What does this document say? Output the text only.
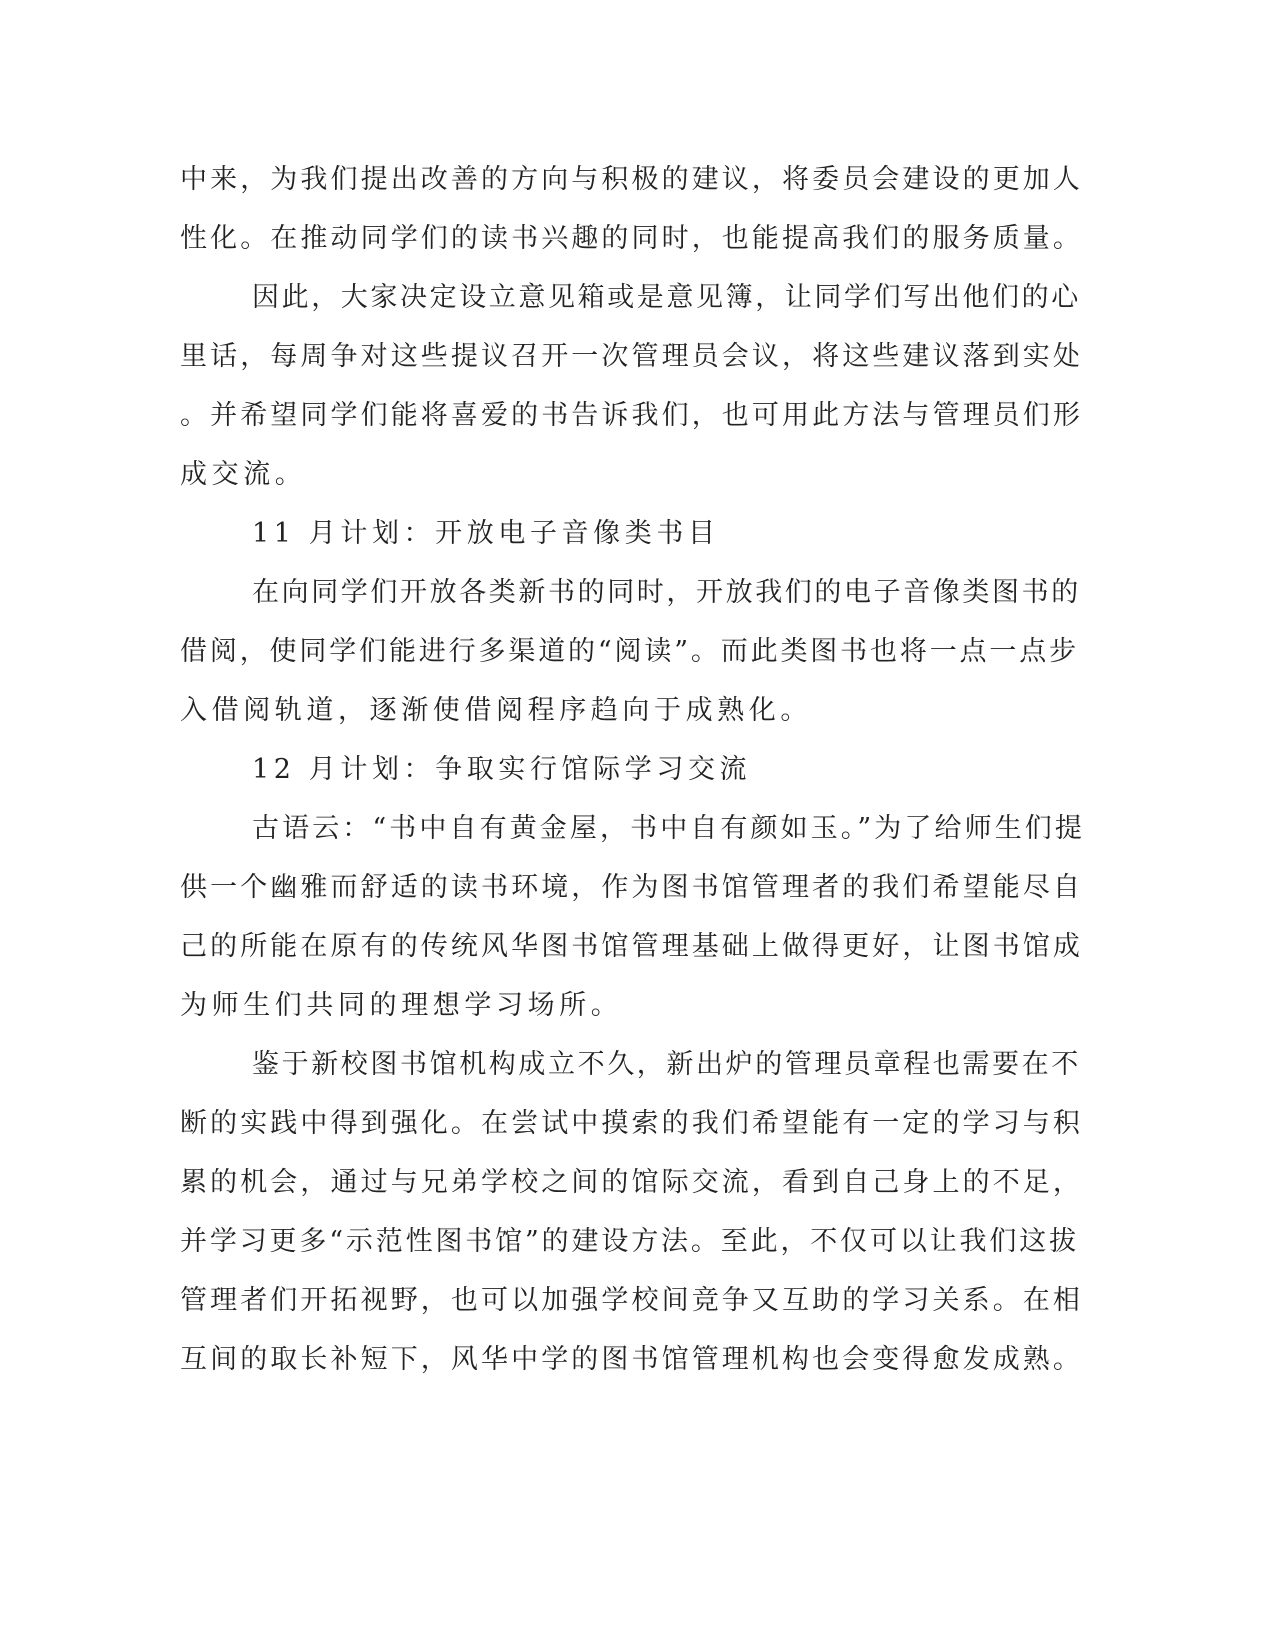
中来，为我们提出改善的方向与积极的建议，将委员会建设的更加人

性化。在推动同学们的读书兴趣的同时，也能提高我们的服务质量。

因此，大家决定设立意见箱或是意见簿，让同学们写出他们的心

里话，每周争对这些提议召开一次管理员会议，将这些建议落到实处

。并希望同学们能将喜爱的书告诉我们，也可用此方法与管理员们形

成交流。

11 月计划：开放电子音像类书目

在向同学们开放各类新书的同时，开放我们的电子音像类图书的

借阅，使同学们能进行多渠道的“阅读”。而此类图书也将一点一点步

入借阅轨道，逐渐使借阅程序趋向于成熟化。

12 月计划：争取实行馆际学习交流

古语云：“书中自有黄金屋，书中自有颜如玉。”为了给师生们提

供一个幽雅而舒适的读书环境，作为图书馆管理者的我们希望能尽自

己的所能在原有的传统风华图书馆管理基础上做得更好，让图书馆成

为师生们共同的理想学习场所。

鉴于新校图书馆机构成立不久，新出炉的管理员章程也需要在不

断的实践中得到强化。在尝试中摸索的我们希望能有一定的学习与积

累的机会，通过与兄弟学校之间的馆际交流，看到自己身上的不足，

并学习更多“示范性图书馆”的建设方法。至此，不仅可以让我们这拔

管理者们开拓视野，也可以加强学校间竞争又互助的学习关系。在相

互间的取长补短下，风华中学的图书馆管理机构也会变得愈发成熟。
